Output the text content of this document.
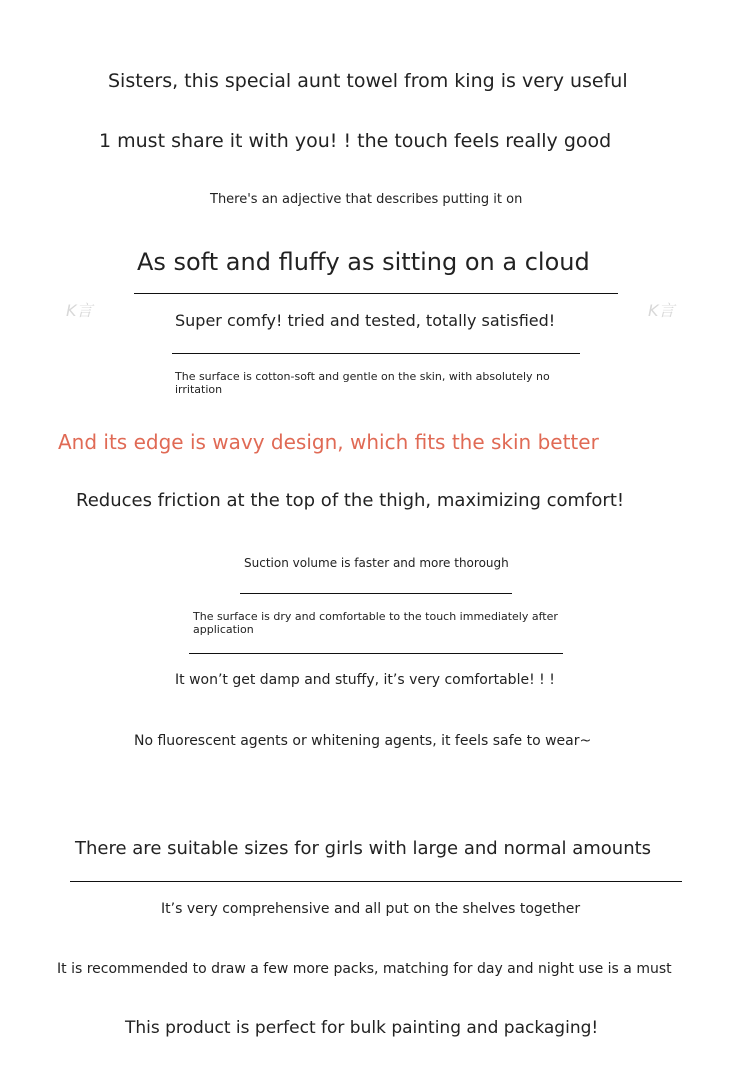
K言	K言
Sisters, this special aunt towel from king is very useful
1 must share it with you! ! the touch feels really good
There's an adjective that describes putting it on
As soft and fluffy as sitting on a cloud
Super comfy! tried and tested, totally satisfied!
The surface is cotton-soft and gentle on the skin, with absolutely no irritation
And its edge is wavy design, which fits the skin better
Reduces friction at the top of the thigh, maximizing comfort!
Suction volume is faster and more thorough
The surface is dry and comfortable to the touch immediately after application
It won’t get damp and stuffy, it’s very comfortable! ! !
No fluorescent agents or whitening agents, it feels safe to wear~
There are suitable sizes for girls with large and normal amounts
It’s very comprehensive and all put on the shelves together
It is recommended to draw a few more packs, matching for day and night use is a must
This product is perfect for bulk painting and packaging!
